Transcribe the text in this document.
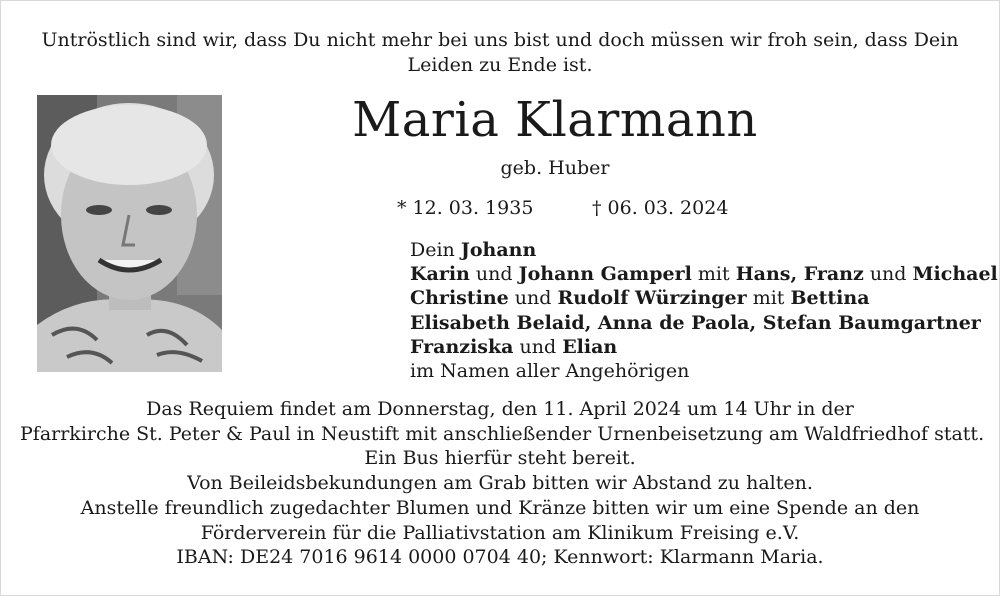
Untröstlich sind wir, dass Du nicht mehr bei uns bist und doch müssen wir froh sein, dass Dein
Leiden zu Ende ist.
Maria Klarmann
geb. Huber
* 12. 03. 1935	† 06. 03. 2024
Dein Johann
Karin und Johann Gamperl mit Hans, Franz und Michael
Christine und Rudolf Würzinger mit Bettina
Elisabeth Belaid, Anna de Paola, Stefan Baumgartner
Franziska und Elian
im Namen aller Angehörigen
Das Requiem findet am Donnerstag, den 11. April 2024 um 14 Uhr in der
Pfarrkirche St. Peter & Paul in Neustift mit anschließender Urnenbeisetzung am Waldfriedhof statt.
Ein Bus hierfür steht bereit.
Von Beileidsbekundungen am Grab bitten wir Abstand zu halten.
Anstelle freundlich zugedachter Blumen und Kränze bitten wir um eine Spende an den
Förderverein für die Palliativstation am Klinikum Freising e.V.
IBAN: DE24 7016 9614 0000 0704 40; Kennwort: Klarmann Maria.
